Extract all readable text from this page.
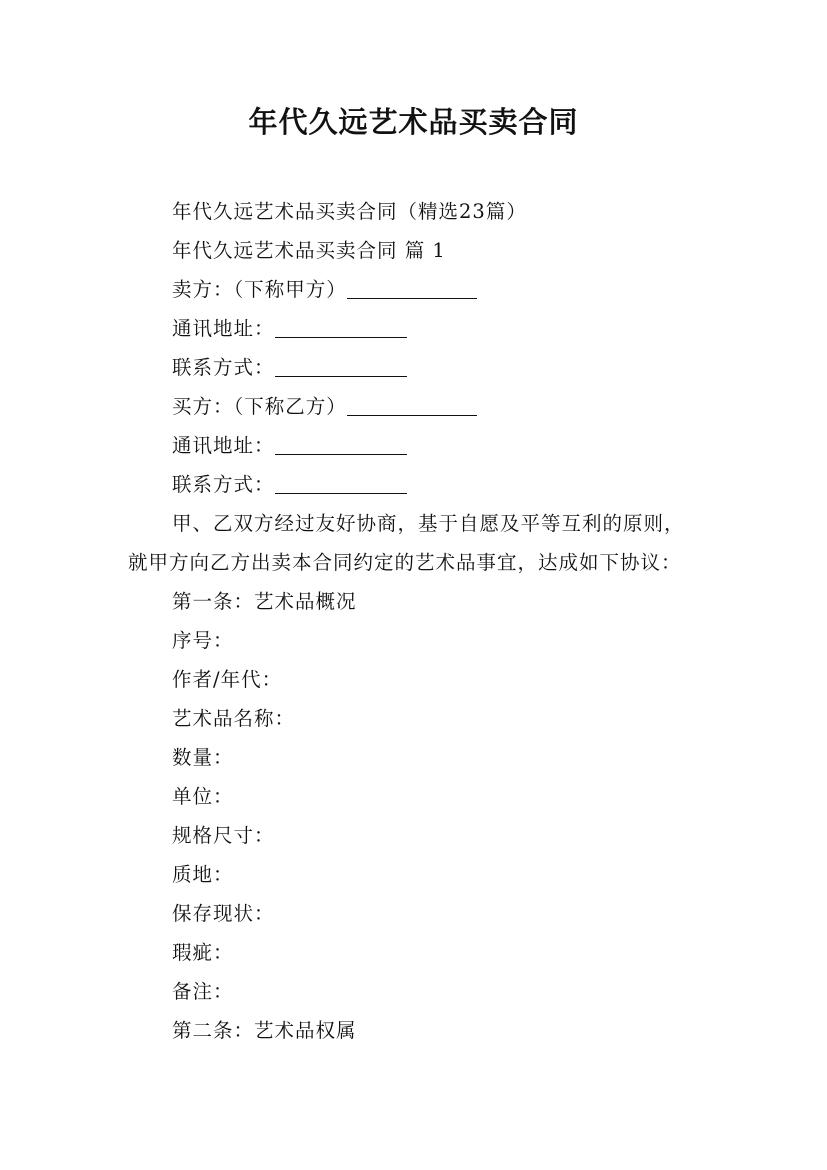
年代久远艺术品买卖合同
年代久远艺术品买卖合同（精选23篇）
年代久远艺术品买卖合同 篇 1
卖方：（下称甲方）
通讯地址：
联系方式：
买方：（下称乙方）
通讯地址：
联系方式：
甲、乙双方经过友好协商，基于自愿及平等互利的原则，
就甲方向乙方出卖本合同约定的艺术品事宜，达成如下协议：
第一条：艺术品概况
序号：
作者/年代：
艺术品名称：
数量：
单位：
规格尺寸：
质地：
保存现状：
瑕疵：
备注：
第二条：艺术品权属
